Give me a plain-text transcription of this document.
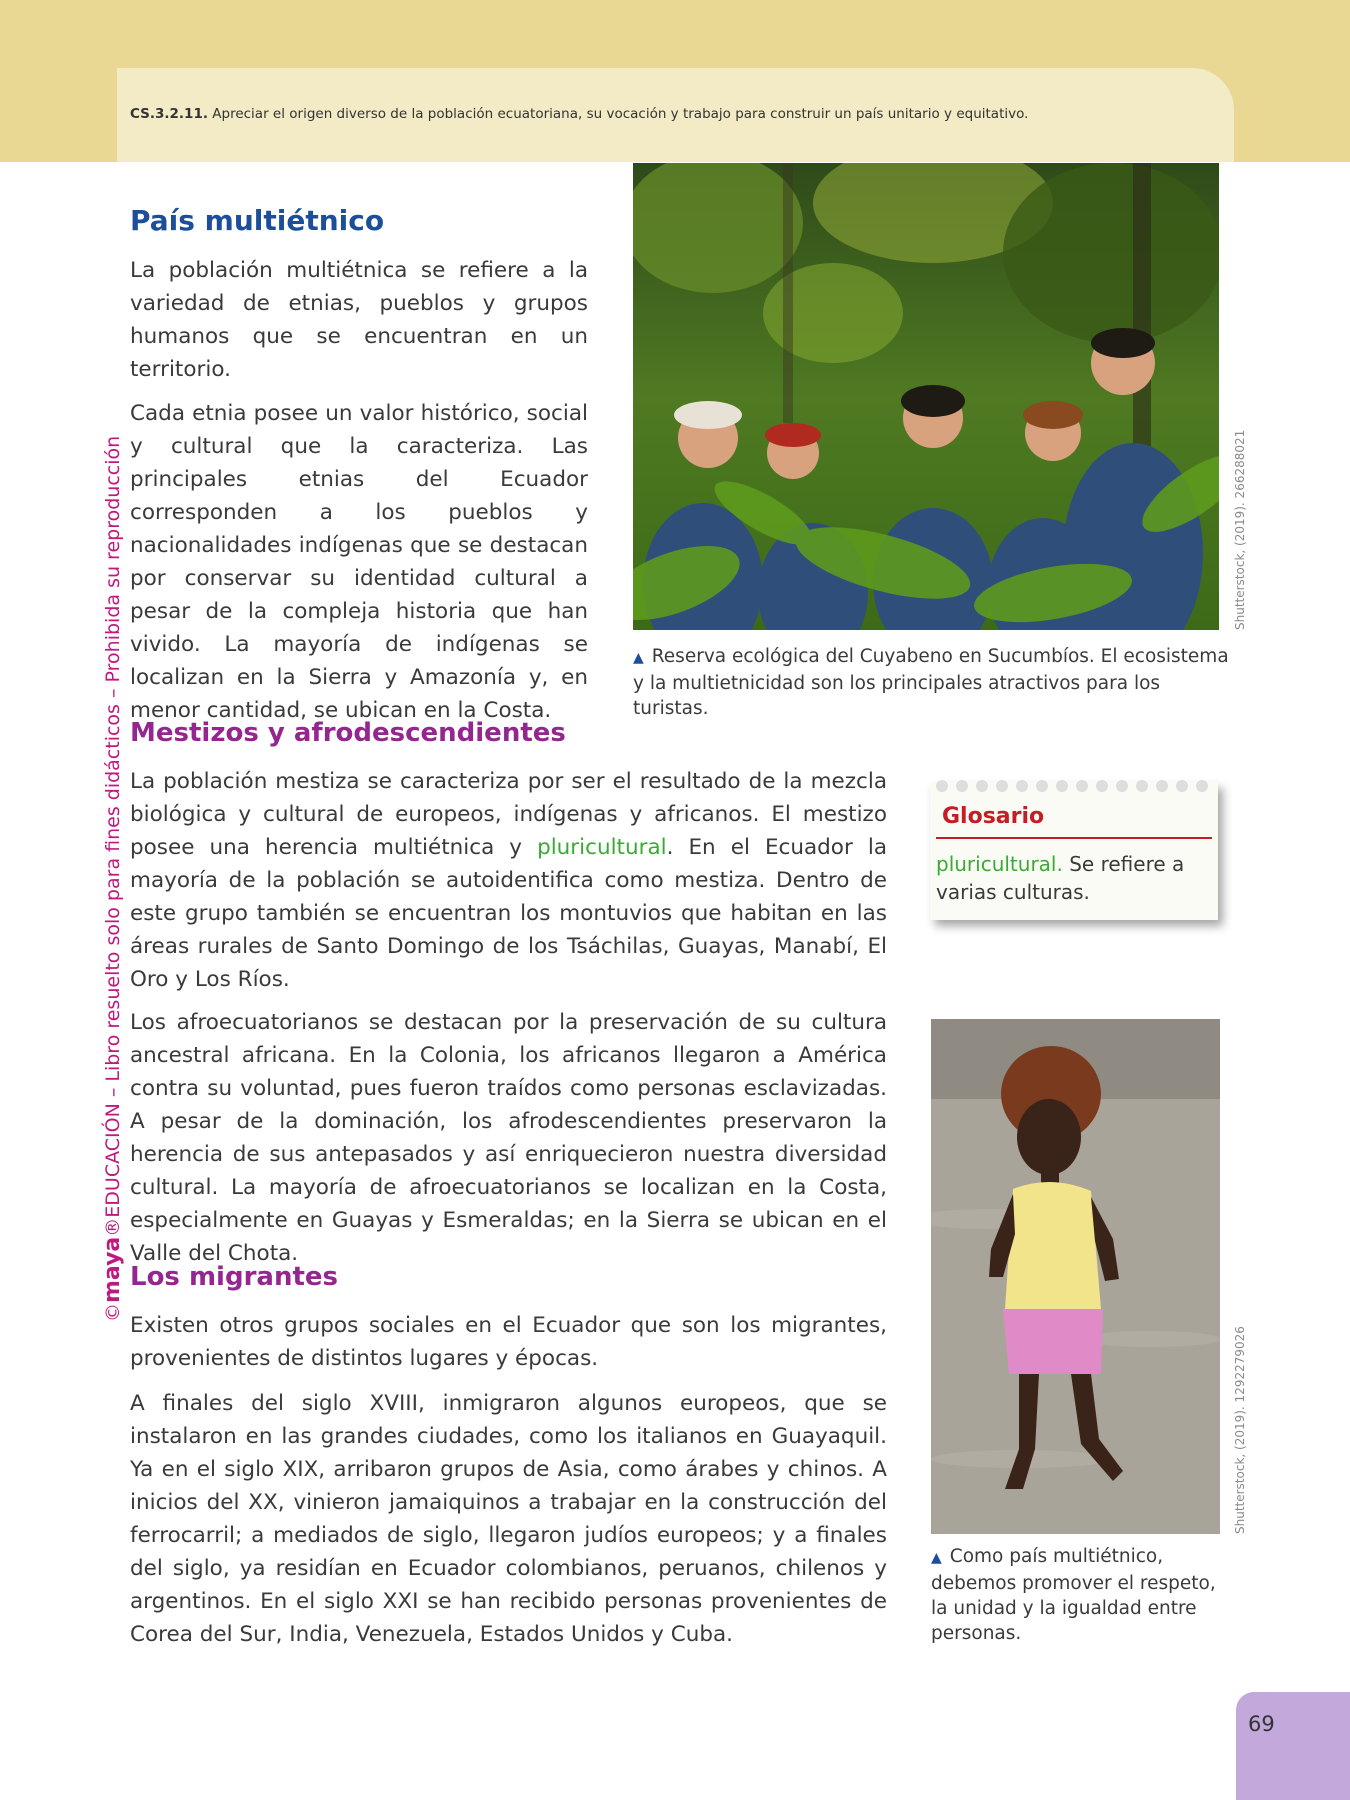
CS.3.2.11. Apreciar el origen diverso de la población ecuatoriana, su vocación y trabajo para construir un país unitario y equitativo.
©maya®EDUCACIÓN – Libro resuelto solo para fines didácticos – Prohibida su reproducción
País multiétnico

La población multiétnica se refiere a la variedad de etnias, pueblos y grupos humanos que se encuentran en un territorio.

Cada etnia posee un valor histórico, social y cultural que la caracteriza. Las principales etnias del Ecuador corresponden a los pueblos y nacionalidades indígenas que se destacan por conservar su identidad cultural a pesar de la compleja historia que han vivido. La mayoría de indígenas se localizan en la Sierra y Amazonía y, en menor cantidad, se ubican en la Costa.

Shutterstock, (2019). 266288021

▲ Reserva ecológica del Cuyabeno en Sucumbíos. El ecosistema y la multietnicidad son los principales atractivos para los turistas.

Mestizos y afrodescendientes

La población mestiza se caracteriza por ser el resultado de la mezcla biológica y cultural de europeos, indígenas y africanos. El mestizo posee una herencia multiétnica y pluricultural. En el Ecuador la mayoría de la población se autoidentifica como mestiza. Dentro de este grupo también se encuentran los montuvios que habitan en las áreas rurales de Santo Domingo de los Tsáchilas, Guayas, Manabí, El Oro y Los Ríos.

Los afroecuatorianos se destacan por la preservación de su cultura ancestral africana. En la Colonia, los africanos llegaron a América contra su voluntad, pues fueron traídos como personas esclavizadas. A pesar de la dominación, los afrodescendientes preservaron la herencia de sus antepasados y así enriquecieron nuestra diversidad cultural. La mayoría de afroecuatorianos se localizan en la Costa, especialmente en Guayas y Esmeraldas; en la Sierra se ubican en el Valle del Chota.

Glosario

pluricultural. Se refiere a varias culturas.

Los migrantes

Existen otros grupos sociales en el Ecuador que son los migrantes, provenientes de distintos lugares y épocas.

A finales del siglo XVIII, inmigraron algunos europeos, que se instalaron en las grandes ciudades, como los italianos en Guayaquil. Ya en el siglo XIX, arribaron grupos de Asia, como árabes y chinos. A inicios del XX, vinieron jamaiquinos a trabajar en la construcción del ferrocarril; a mediados de siglo, llegaron judíos europeos; y a finales del siglo, ya residían en Ecuador colombianos, peruanos, chilenos y argentinos. En el siglo XXI se han recibido personas provenientes de Corea del Sur, India, Venezuela, Estados Unidos y Cuba.

Shutterstock, (2019). 1292279026

▲ Como país multiétnico, debemos promover el respeto, la unidad y la igualdad entre personas.

69
